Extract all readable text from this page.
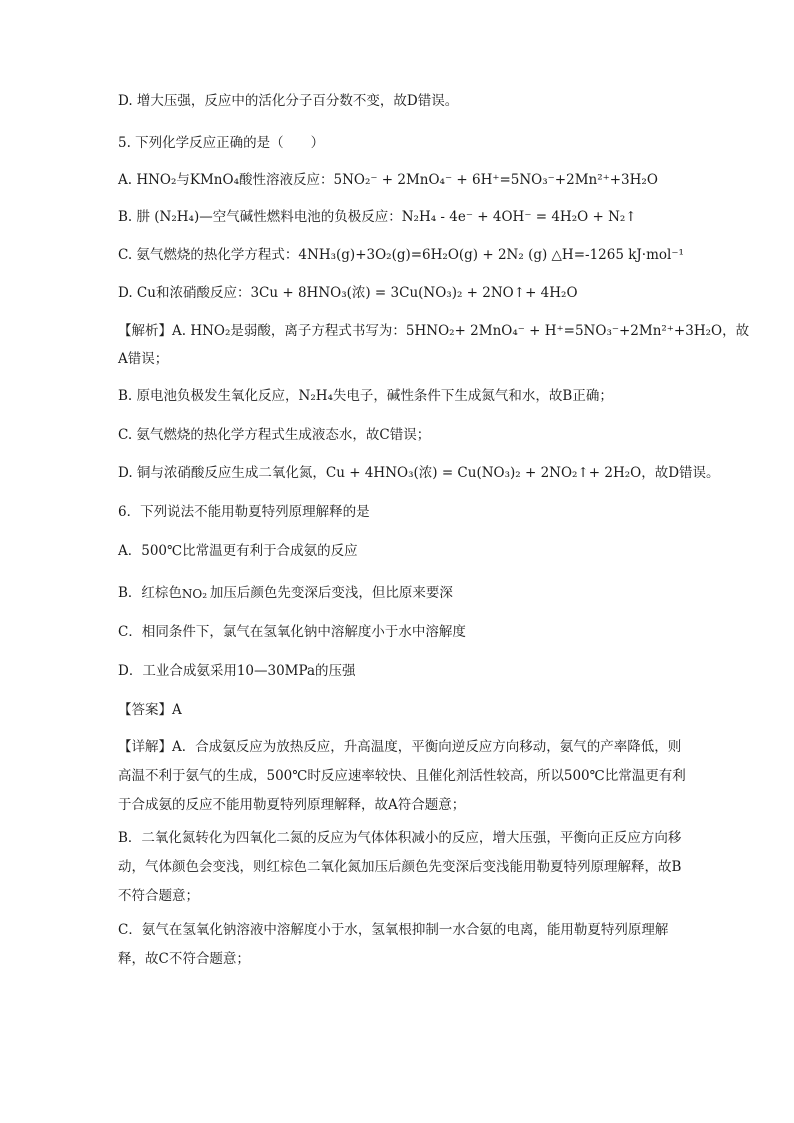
D. 增大压强，反应中的活化分子百分数不变，故D错误。
5. 下列化学反应正确的是（　　）
A. HNO₂与KMnO₄酸性溶液反应：5NO₂⁻ + 2MnO₄⁻ + 6H⁺=5NO₃⁻+2Mn²⁺+3H₂O
B. 肼 (N₂H₄)—空气碱性燃料电池的负极反应：N₂H₄ - 4e⁻ + 4OH⁻ = 4H₂O + N₂↑
C. 氨气燃烧的热化学方程式：4NH₃(g)+3O₂(g)=6H₂O(g) + 2N₂ (g) △H=-1265 kJ·mol⁻¹
D. Cu和浓硝酸反应：3Cu + 8HNO₃(浓) = 3Cu(NO₃)₂ + 2NO↑+ 4H₂O
【解析】A. HNO₂是弱酸，离子方程式书写为：5HNO₂+ 2MnO₄⁻ + H⁺=5NO₃⁻+2Mn²⁺+3H₂O，故
A错误；
B. 原电池负极发生氧化反应，N₂H₄失电子，碱性条件下生成氮气和水，故B正确；
C. 氨气燃烧的热化学方程式生成液态水，故C错误；
D. 铜与浓硝酸反应生成二氧化氮，Cu + 4HNO₃(浓) = Cu(NO₃)₂ + 2NO₂↑+ 2H₂O，故D错误。
6．下列说法不能用勒夏特列原理解释的是
A．500℃比常温更有利于合成氨的反应
B．红棕色 NO₂ 加压后颜色先变深后变浅，但比原来要深
C．相同条件下，氯气在氢氧化钠中溶解度小于水中溶解度
D．工业合成氨采用10—30MPa的压强
【答案】A
【详解】A．合成氨反应为放热反应，升高温度，平衡向逆反应方向移动，氨气的产率降低，则高温不利于氨气的生成，500℃时反应速率较快、且催化剂活性较高，所以500℃比常温更有利于合成氨的反应不能用勒夏特列原理解释，故A符合题意；
B．二氧化氮转化为四氧化二氮的反应为气体体积减小的反应，增大压强，平衡向正反应方向移动，气体颜色会变浅，则红棕色二氧化氮加压后颜色先变深后变浅能用勒夏特列原理解释，故B不符合题意；
C．氨气在氢氧化钠溶液中溶解度小于水，氢氧根抑制一水合氨的电离，能用勒夏特列原理解释，故C不符合题意；
